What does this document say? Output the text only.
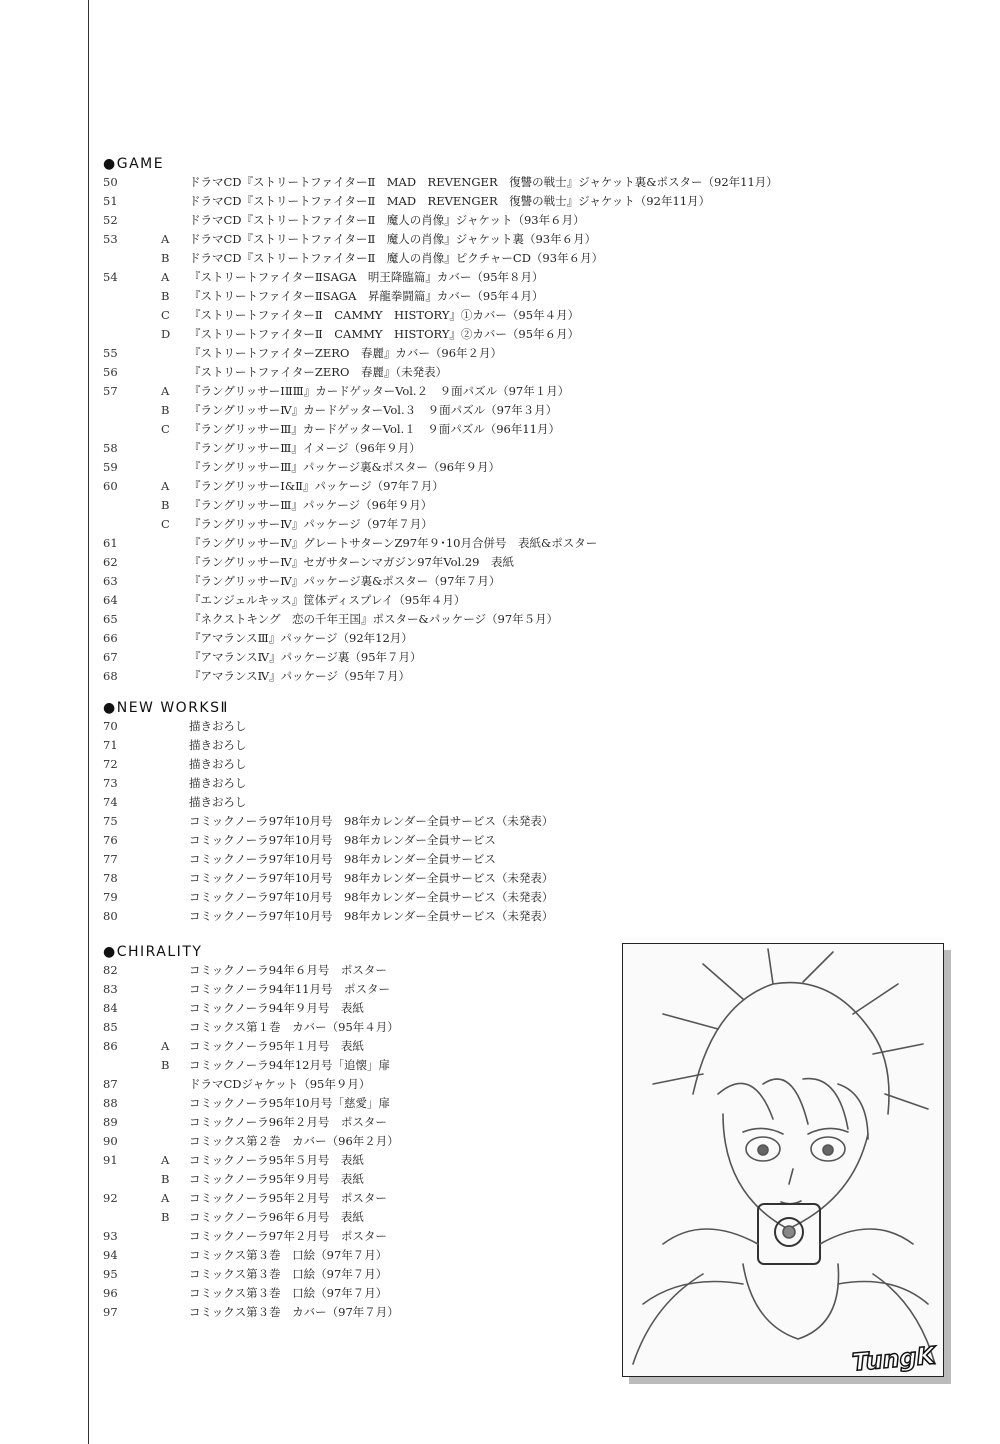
●GAME
50	ドラマCD『ストリートファイターⅡ　MAD　REVENGER　復讐の戦士』ジャケット裏&ポスター（92年11月）
51	ドラマCD『ストリートファイターⅡ　MAD　REVENGER　復讐の戦士』ジャケット（92年11月）
52	ドラマCD『ストリートファイターⅡ　魔人の肖像』ジャケット（93年６月）
53	A	ドラマCD『ストリートファイターⅡ　魔人の肖像』ジャケット裏（93年６月）
B	ドラマCD『ストリートファイターⅡ　魔人の肖像』ピクチャーCD（93年６月）
54	A	『ストリートファイターⅡSAGA　明王降臨篇』カバー（95年８月）
B	『ストリートファイターⅡSAGA　昇龍拳闘篇』カバー（95年４月）
C	『ストリートファイターⅡ　CAMMY　HISTORY』①カバー（95年４月）
D	『ストリートファイターⅡ　CAMMY　HISTORY』②カバー（95年６月）
55	『ストリートファイターZERO　春麗』カバー（96年２月）
56	『ストリートファイターZERO　春麗』（未発表）
57	A	『ラングリッサーⅠⅡⅢ』カードゲッターVol.２　９面パズル（97年１月）
B	『ラングリッサーⅣ』カードゲッターVol.３　９面パズル（97年３月）
C	『ラングリッサーⅢ』カードゲッターVol.１　９面パズル（96年11月）
58	『ラングリッサーⅢ』イメージ（96年９月）
59	『ラングリッサーⅢ』パッケージ裏&ポスター（96年９月）
60	A	『ラングリッサーⅠ&Ⅱ』パッケージ（97年７月）
B	『ラングリッサーⅢ』パッケージ（96年９月）
C	『ラングリッサーⅣ』パッケージ（97年７月）
61	『ラングリッサーⅣ』グレートサターンZ97年９･10月合併号　表紙&ポスター
62	『ラングリッサーⅣ』セガサターンマガジン97年Vol.29　表紙
63	『ラングリッサーⅣ』パッケージ裏&ポスター（97年７月）
64	『エンジェルキッス』筐体ディスプレイ（95年４月）
65	『ネクストキング　恋の千年王国』ポスター&パッケージ（97年５月）
66	『アマランスⅢ』パッケージ（92年12月）
67	『アマランスⅣ』パッケージ裏（95年７月）
68	『アマランスⅣ』パッケージ（95年７月）
●NEW WORKSⅡ
70	描きおろし
71	描きおろし
72	描きおろし
73	描きおろし
74	描きおろし
75	コミックノーラ97年10月号　98年カレンダー全員サービス（未発表）
76	コミックノーラ97年10月号　98年カレンダー全員サービス
77	コミックノーラ97年10月号　98年カレンダー全員サービス
78	コミックノーラ97年10月号　98年カレンダー全員サービス（未発表）
79	コミックノーラ97年10月号　98年カレンダー全員サービス（未発表）
80	コミックノーラ97年10月号　98年カレンダー全員サービス（未発表）
●CHIRALITY
82	コミックノーラ94年６月号　ポスター
83	コミックノーラ94年11月号　ポスター
84	コミックノーラ94年９月号　表紙
85	コミックス第１巻　カバー（95年４月）
86	A	コミックノーラ95年１月号　表紙
B	コミックノーラ94年12月号「追懐」扉
87	ドラマCDジャケット（95年９月）
88	コミックノーラ95年10月号「慈愛」扉
89	コミックノーラ96年２月号　ポスター
90	コミックス第２巻　カバー（96年２月）
91	A	コミックノーラ95年５月号　表紙
B	コミックノーラ95年９月号　表紙
92	A	コミックノーラ95年２月号　ポスター
B	コミックノーラ96年６月号　表紙
93	コミックノーラ97年２月号　ポスター
94	コミックス第３巻　口絵（97年７月）
95	コミックス第３巻　口絵（97年７月）
96	コミックス第３巻　口絵（97年７月）
97	コミックス第３巻　カバー（97年７月）
TungK
